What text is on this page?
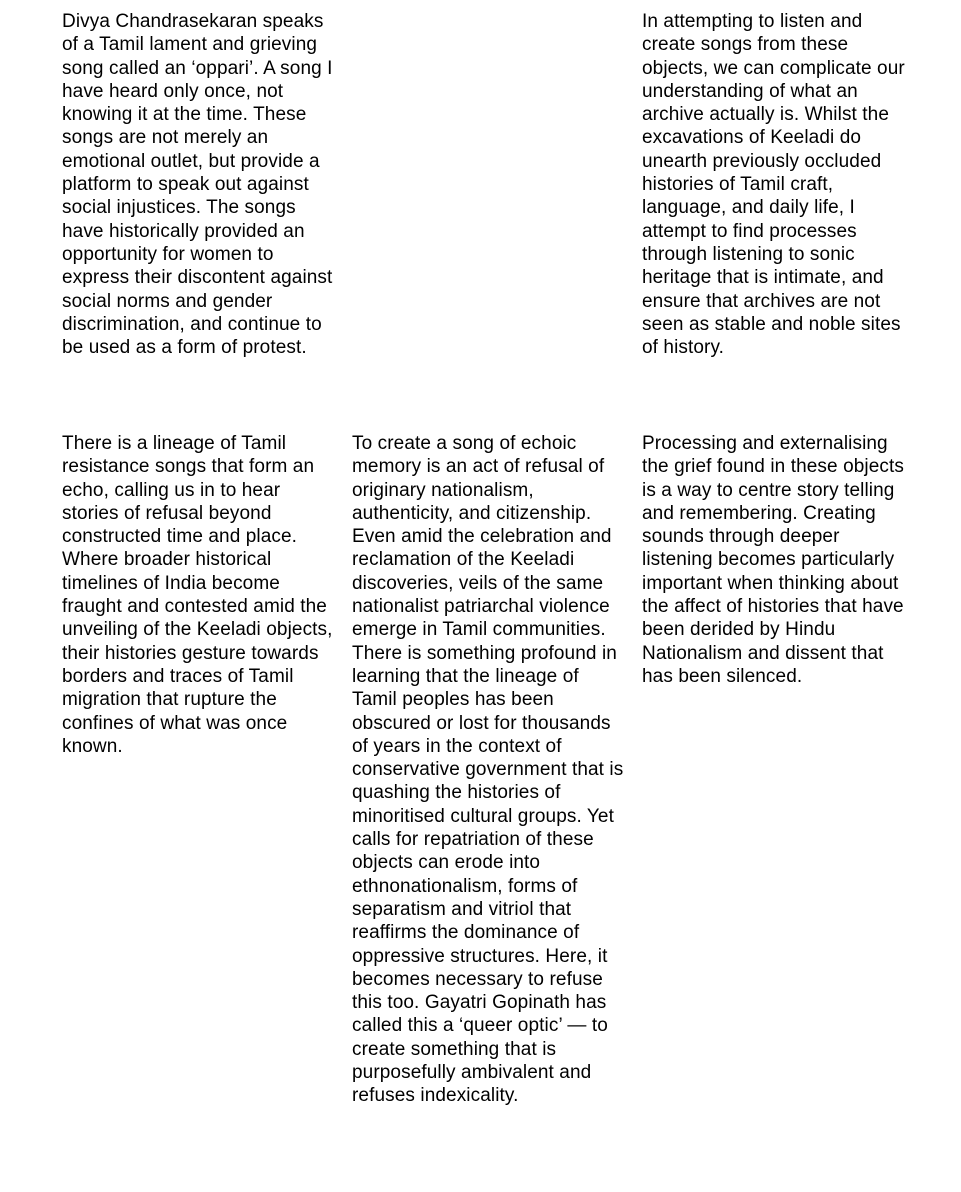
Divya Chandrasekaran speaks of a Tamil lament and grieving song called an ‘oppari’. A song I have heard only once, not knowing it at the time. These songs are not merely an emotional outlet, but provide a platform to speak out against social injustices. The songs have historically provided an opportunity for women to express their discontent against social norms and gender discrimination, and continue to be used as a form of protest.

In attempting to listen and create songs from these objects, we can complicate our understanding of what an archive actually is. Whilst the excavations of Keeladi do unearth previously occluded histories of Tamil craft, language, and daily life, I attempt to find processes through listening to sonic heritage that is intimate, and ensure that archives are not seen as stable and noble sites of history.

There is a lineage of Tamil resistance songs that form an echo, calling us in to hear stories of refusal beyond constructed time and place. Where broader historical timelines of India become fraught and contested amid the unveiling of the Keeladi objects, their histories gesture towards borders and traces of Tamil migration that rupture the confines of what was once known.

To create a song of echoic memory is an act of refusal of originary nationalism, authenticity, and citizenship. Even amid the celebration and reclamation of the Keeladi discoveries, veils of the same nationalist patriarchal violence emerge in Tamil communities. There is something profound in learning that the lineage of Tamil peoples has been obscured or lost for thousands of years in the context of conservative government that is quashing the histories of minoritised cultural groups. Yet calls for repatriation of these objects can erode into ethnonationalism, forms of separatism and vitriol that reaffirms the dominance of oppressive structures. Here, it becomes necessary to refuse this too. Gayatri Gopinath has called this a ‘queer optic’ — to create something that is purposefully ambivalent and refuses indexicality.

Processing and externalising the grief found in these objects is a way to centre story telling and remembering. Creating sounds through deeper listening becomes particularly important when thinking about the affect of histories that have been derided by Hindu Nationalism and dissent that has been silenced.
